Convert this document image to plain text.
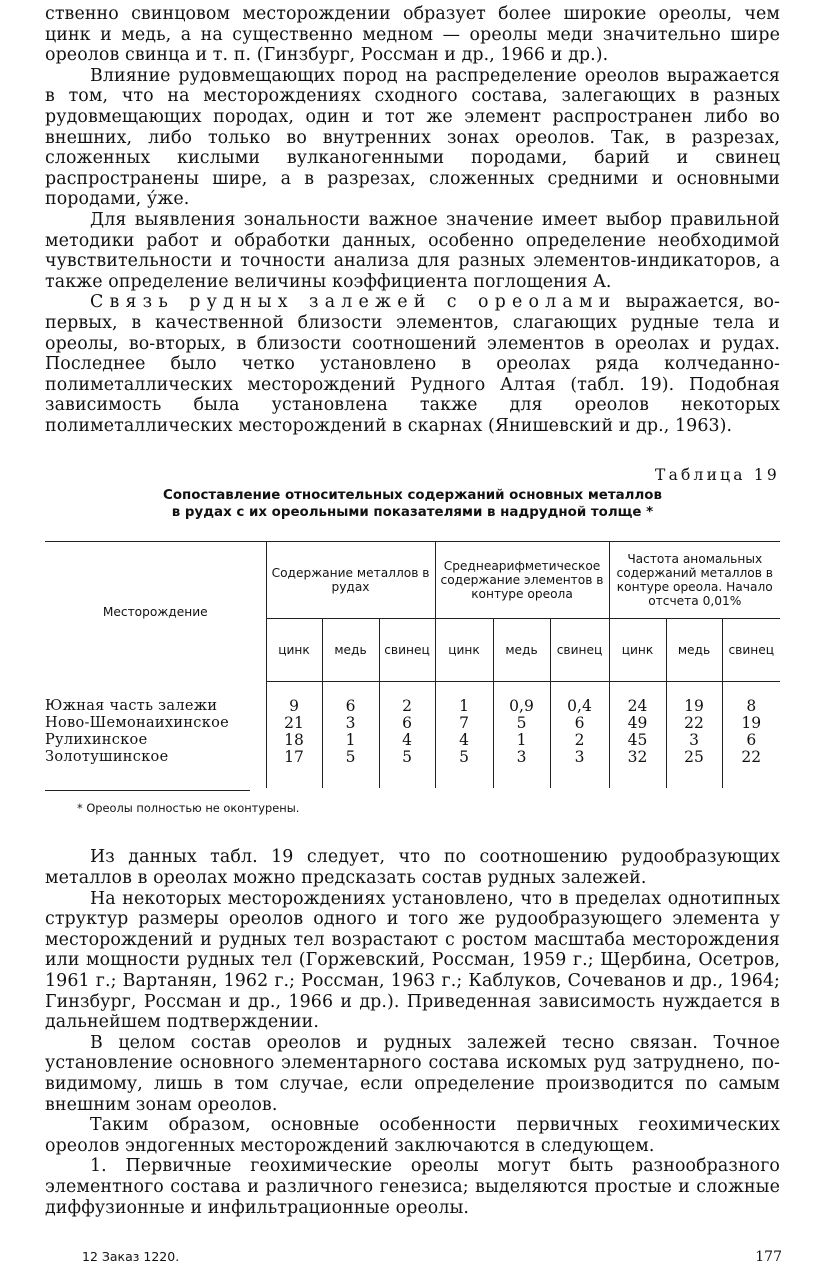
ственно свинцовом месторождении образует более широкие ореолы, чем цинк и медь, а на существенно медном — ореолы меди значительно шире ореолов свинца и т. п. (Гинзбург, Россман и др., 1966 и др.).

Влияние рудовмещающих пород на распределение ореолов выражается в том, что на месторождениях сходного состава, залегающих в разных рудовмещающих породах, один и тот же элемент распространен либо во внешних, либо только во внутренних зонах ореолов. Так, в разрезах, сложенных кислыми вулканогенными породами, барий и свинец распространены шире, а в разрезах, сложенных средними и основными породами, у́же.

Для выявления зональности важное значение имеет выбор правильной методики работ и обработки данных, особенно определение необходимой чувствительности и точности анализа для разных элементов-индикаторов, а также определение величины коэффициента поглощения A.

Связь рудных залежей с ореолами выражается, во-первых, в качественной близости элементов, слагающих рудные тела и ореолы, во-вторых, в близости соотношений элементов в ореолах и рудах. Последнее было четко установлено в ореолах ряда колчеданно-полиметаллических месторождений Рудного Алтая (табл. 19). Подобная зависимость была установлена также для ореолов некоторых полиметаллических месторождений в скарнах (Янишевский и др., 1963).

Таблица 19
Сопоставление относительных содержаний основных металлов
в рудах с их ореольными показателями в надрудной толще *
Месторождение	Содержание металлов в рудах			Среднеарифметическое содержание элементов в контуре ореола			Частота аномальных содержаний металлов в контуре ореола. Начало отсчета 0,01%		
	цинк	медь	свинец	цинк	медь	свинец	цинк	медь	свинец

Южная часть залежи	9	6	2	1	0,9	0,4	24	19	8
Ново-Шемонаихинское	21	3	6	7	5	6	49	22	19
Рулихинское	18	1	4	4	1	2	45	3	6
Золотушинское	17	5	5	5	3	3	32	25	22

* Ореолы полностью не оконтурены.

Из данных табл. 19 следует, что по соотношению рудообразующих металлов в ореолах можно предсказать состав рудных залежей.

На некоторых месторождениях установлено, что в пределах однотипных структур размеры ореолов одного и того же рудообразующего элемента у месторождений и рудных тел возрастают с ростом масштаба месторождения или мощности рудных тел (Горжевский, Россман, 1959 г.; Щербина, Осетров, 1961 г.; Вартанян, 1962 г.; Россман, 1963 г.; Каблуков, Сочеванов и др., 1964; Гинзбург, Россман и др., 1966 и др.). Приведенная зависимость нуждается в дальнейшем подтверждении.

В целом состав ореолов и рудных залежей тесно связан. Точное установление основного элементарного состава искомых руд затруднено, по-видимому, лишь в том случае, если определение производится по самым внешним зонам ореолов.

Таким образом, основные особенности первичных геохимических ореолов эндогенных месторождений заключаются в следующем.

1. Первичные геохимические ореолы могут быть разнообразного элементного состава и различного генезиса; выделяются простые и сложные диффузионные и инфильтрационные ореолы.

12 Заказ 1220.	177
